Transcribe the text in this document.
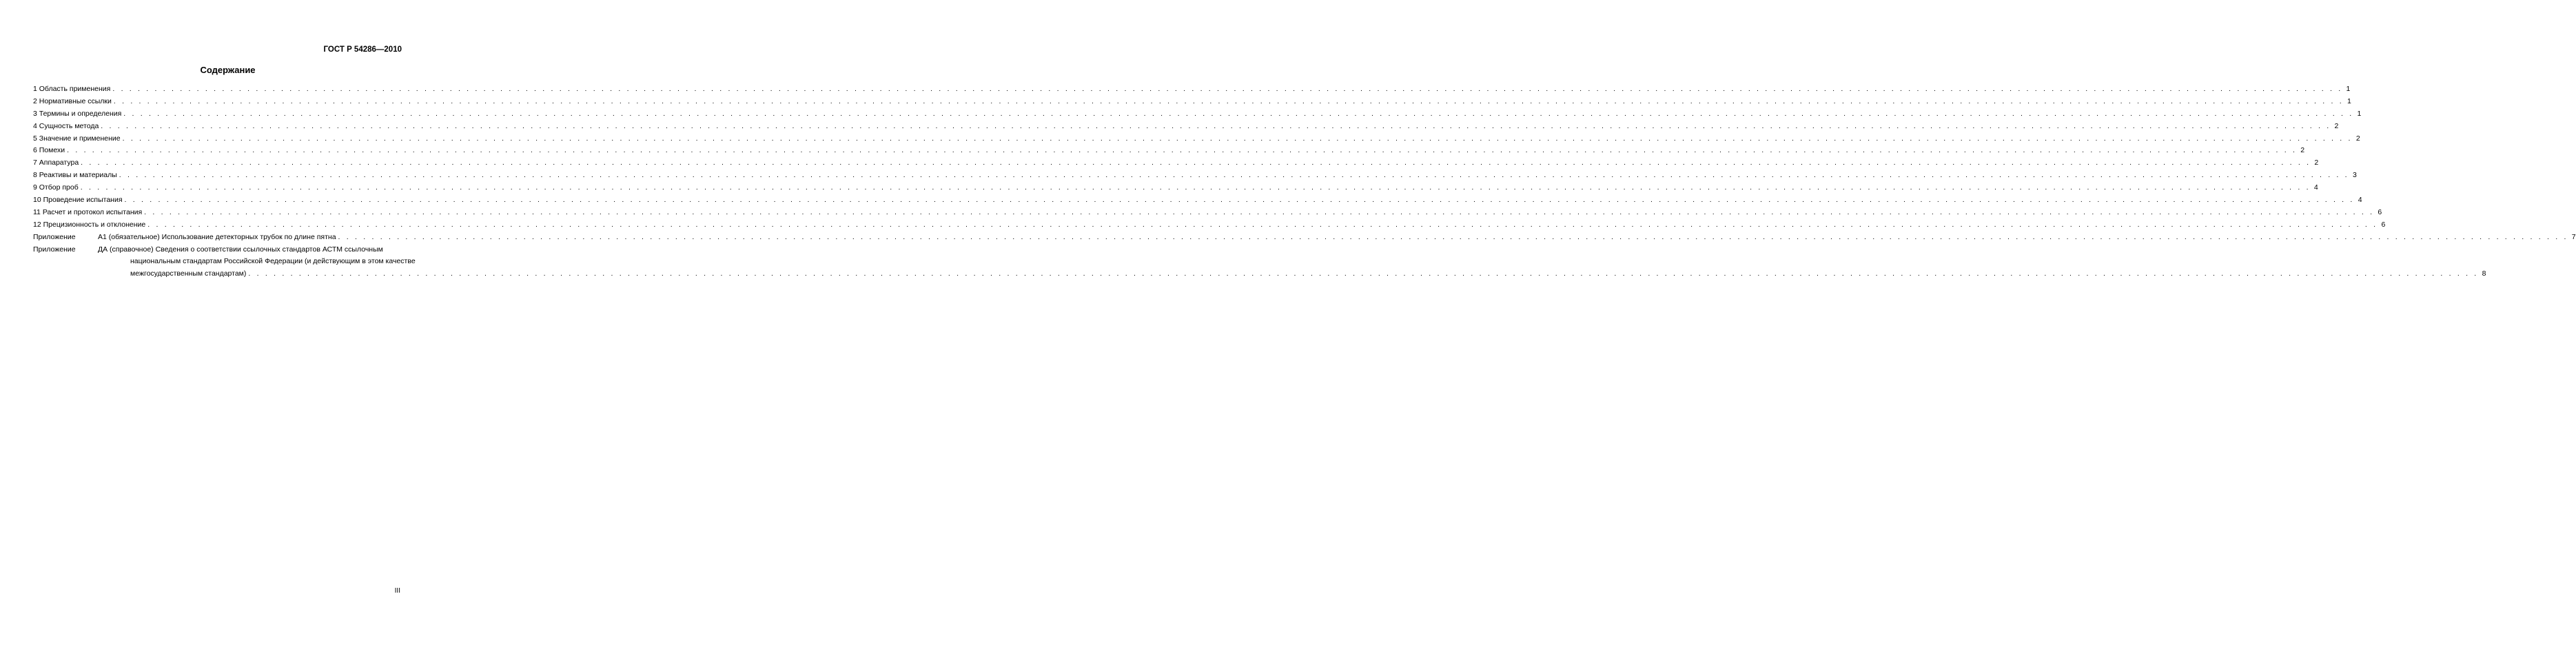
ГОСТ Р 54286—2010
Содержание
1 Область применения . . .	1
2 Нормативные ссылки . . .	1
3 Термины и определения . . .	1
4 Сущность метода . . .	2
5 Значение и применение . . .	2
6 Помехи . . .	2
7 Аппаратура . . .	2
8 Реактивы и материалы . . .	3
9 Отбор проб . . .	4
10 Проведение испытания . . .	4
11 Расчет и протокол испытания . . .	6
12 Прецизионность и отклонение . . .	6
Приложение	А1 (обязательное) Использование детекторных трубок по длине пятна . . .	7
Приложение	ДА (справочное) Сведения о соответствии ссылочных стандартов АСТМ ссылочным
национальным стандартам Российской Федерации (и действующим в этом качестве
межгосударственным стандартам) . . .	8
III
